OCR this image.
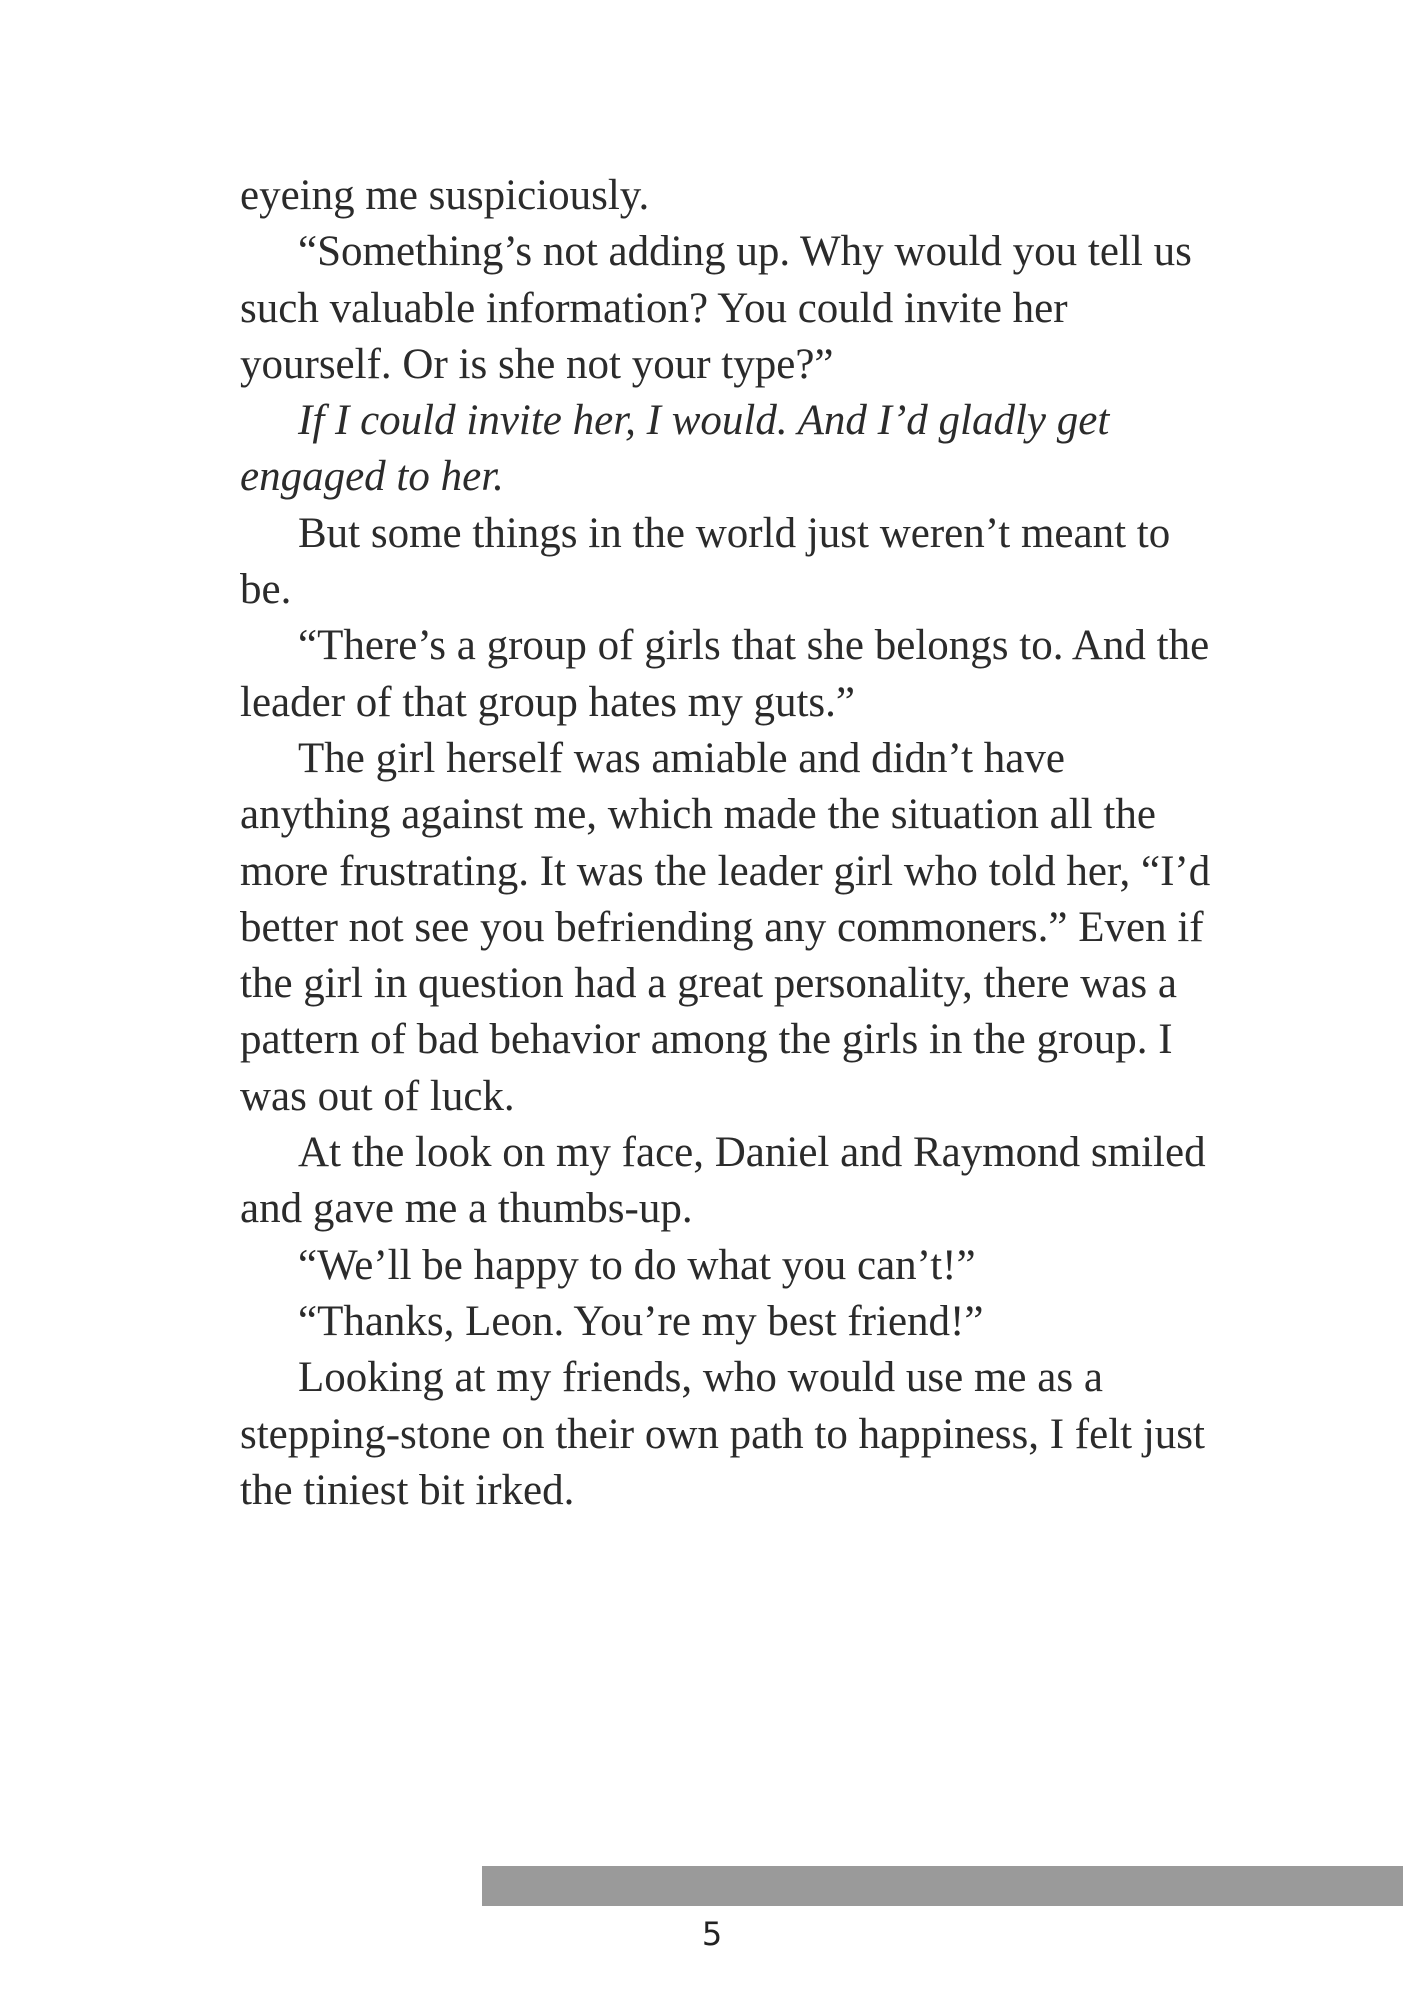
eyeing me suspiciously.

“Something’s not adding up. Why would you tell us such valuable information? You could invite her yourself. Or is she not your type?”

If I could invite her, I would. And I’d gladly get engaged to her.

But some things in the world just weren’t meant to be.

“There’s a group of girls that she belongs to. And the leader of that group hates my guts.”

The girl herself was amiable and didn’t have anything against me, which made the situation all the more frustrating. It was the leader girl who told her, “I’d better not see you befriending any commoners.” Even if the girl in question had a great personality, there was a pattern of bad behavior among the girls in the group. I was out of luck.

At the look on my face, Daniel and Raymond smiled and gave me a thumbs-up.

“We’ll be happy to do what you can’t!”

“Thanks, Leon. You’re my best friend!”

Looking at my friends, who would use me as a stepping-stone on their own path to happiness, I felt just the tiniest bit irked.

5
